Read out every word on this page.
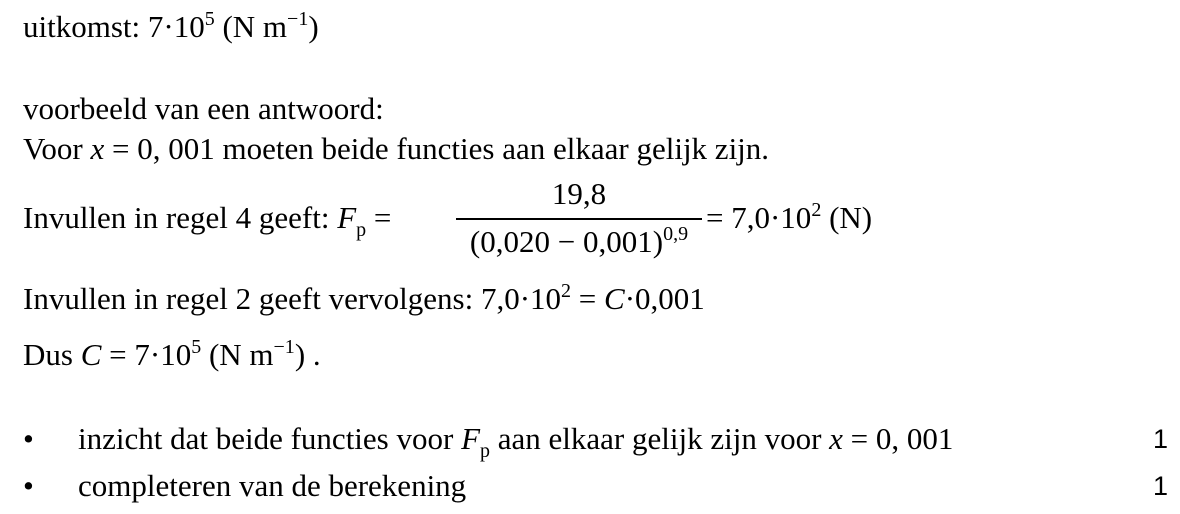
uitkomst: $7\cdot 10^5$ (N $m^{-1}$)
voorbeeld van een antwoord:
Voor x = 0, 001 moeten beide functies aan elkaar gelijk zijn.
Invullen in regel 4 geeft: $F_p$ =
19,8
$(0,020 - 0,001)^{0,9} = 7,0\cdot 10^2$ (N)
Invullen in regel 2 geeft vervolgens: $7,0\cdot 10^2 = C\cdot 0,001$
Dus $C = 7\cdot 10^5$ (N $m^{-1}$) .
• inzicht dat beide functies voor $F_p$ aan elkaar gelijk zijn voor x = 0, 001	1
• completeren van de berekening	1
